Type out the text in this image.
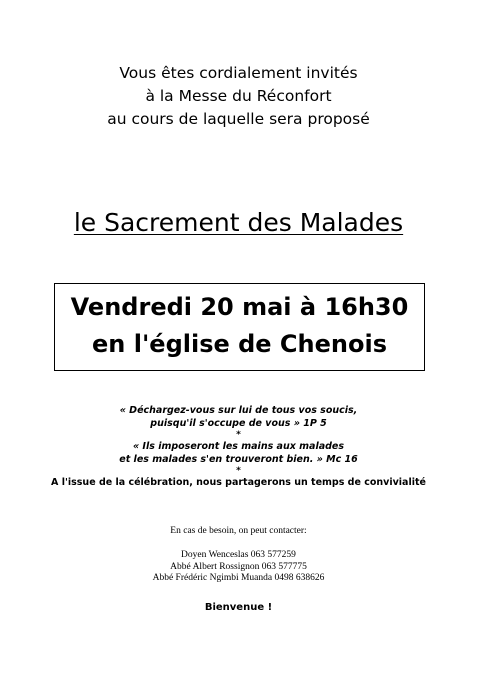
Vous êtes cordialement invités
à la Messe du Réconfort
au cours de laquelle sera proposé
le Sacrement des Malades
Vendredi 20 mai à 16h30
en l'église de Chenois
« Déchargez-vous sur lui de tous vos soucis,
puisqu'il s'occupe de vous » 1P 5
*
« Ils imposeront les mains aux malades
et les malades s'en trouveront bien. » Mc 16
*
A l'issue de la célébration, nous partagerons un temps de convivialité
En cas de besoin, on peut contacter:
Doyen Wenceslas 063 577259
Abbé Albert Rossignon 063 577775
Abbé Frédéric Ngimbi Muanda 0498 638626
Bienvenue !
